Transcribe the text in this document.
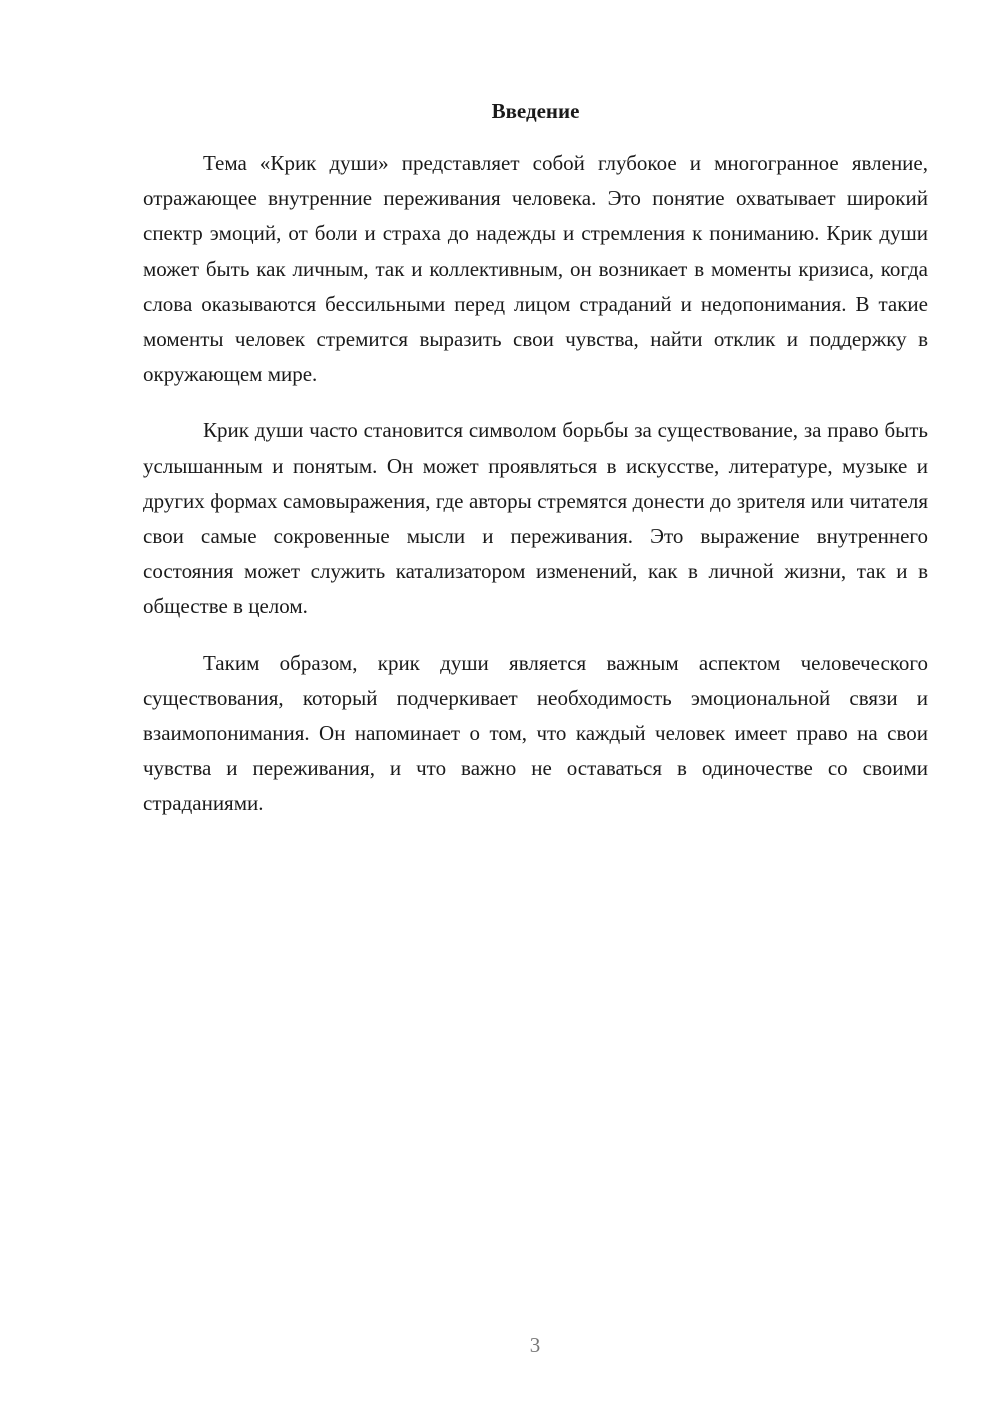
Введение

Тема «Крик души» представляет собой глубокое и многогранное явление, отражающее внутренние переживания человека. Это понятие охватывает широкий спектр эмоций, от боли и страха до надежды и стремления к пониманию. Крик души может быть как личным, так и коллективным, он возникает в моменты кризиса, когда слова оказываются бессильными перед лицом страданий и недопонимания. В такие моменты человек стремится выразить свои чувства, найти отклик и поддержку в окружающем мире.

Крик души часто становится символом борьбы за существование, за право быть услышанным и понятым. Он может проявляться в искусстве, литературе, музыке и других формах самовыражения, где авторы стремятся донести до зрителя или читателя свои самые сокровенные мысли и переживания. Это выражение внутреннего состояния может служить катализатором изменений, как в личной жизни, так и в обществе в целом.

Таким образом, крик души является важным аспектом человеческого существования, который подчеркивает необходимость эмоциональной связи и взаимопонимания. Он напоминает о том, что каждый человек имеет право на свои чувства и переживания, и что важно не оставаться в одиночестве со своими страданиями.

3
